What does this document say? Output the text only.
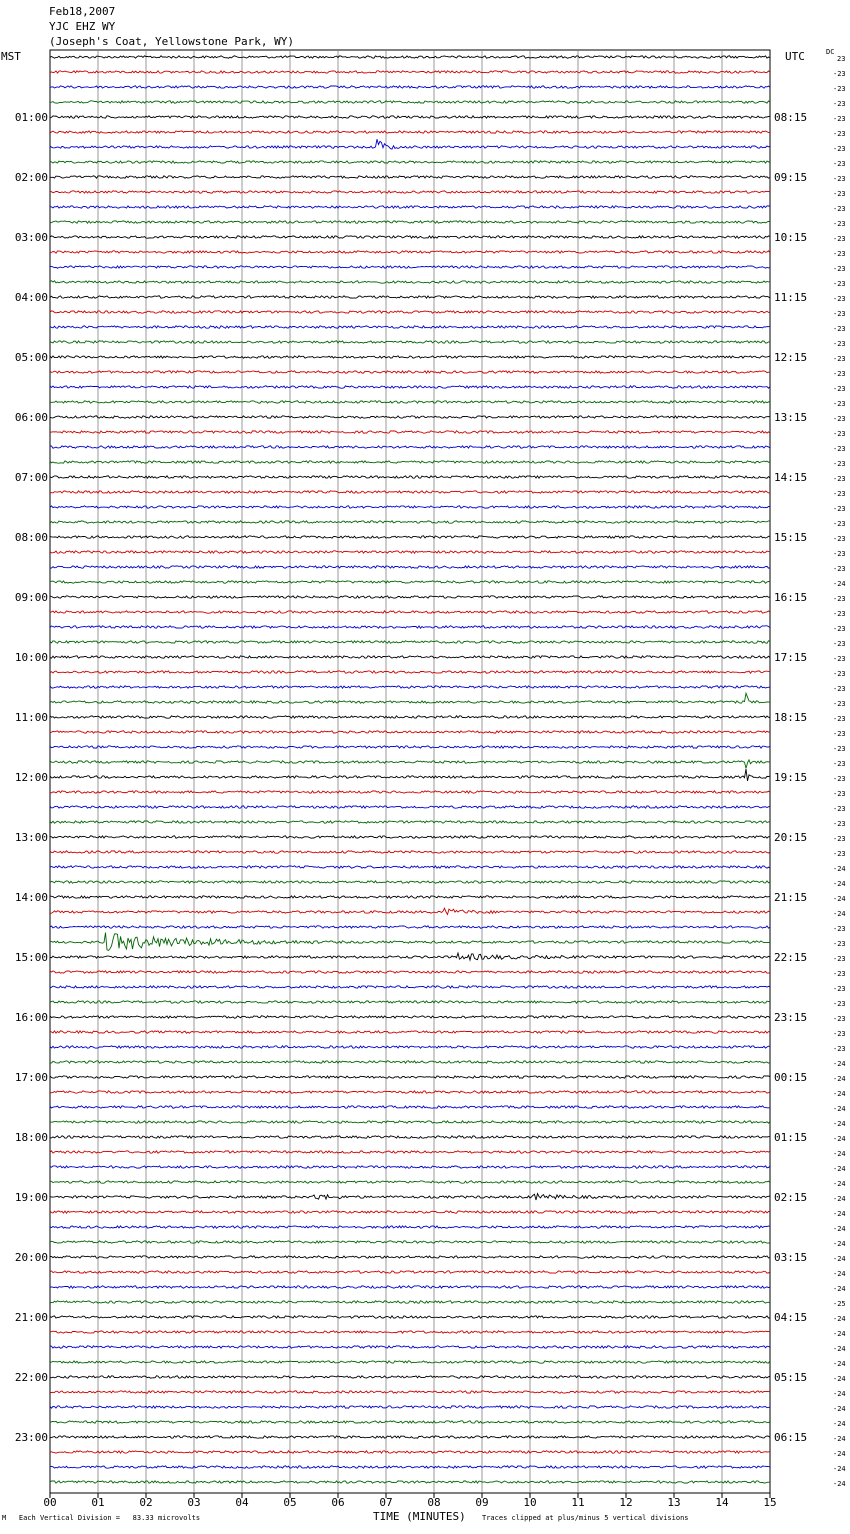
Feb18,2007
YJC EHZ WY
(Joseph's Coat, Yellowstone Park, WY)
MST	UTC	DC
00	01	02	03	04	05	06	07	08	09	10	11	12	13	14	15
23
-23
-23
-23
-23
01:00	08:15
-23
-23
-23
-23
02:00	09:15
-23
-23
-23
-23
03:00	10:15
-23
-23
-23
-23
04:00	11:15
-23
-23
-23
-23
05:00	12:15
-23
-23
-23
-23
06:00	13:15
-23
-23
-23
-23
07:00	14:15
-23
-23
-23
-23
08:00	15:15
-23
-23
-24
-23
09:00	16:15
-23
-23
-23
-23
10:00	17:15
-23
-23
-23
-23
11:00	18:15
-23
-23
-23
-23
12:00	19:15
-23
-23
-23
-23
13:00	20:15
-23
-24
-24
-24
14:00	21:15
-24
-23
-23
-23
15:00	22:15
-23
-23
-23
-23
16:00	23:15
-23
-23
-24
-24
17:00	00:15
-24
-24
-24
-24
18:00	01:15
-24
-24
-24
-24
19:00	02:15
-24
-24
-24
-24
20:00	03:15
-24
-24
-25
-24
21:00	04:15
-24
-24
-24
-24
22:00	05:15
-24
-24
-24
-24
23:00	06:15
-24
-24
-24
M Each Vertical Division =   83.33 microvolts	TIME (MINUTES) Traces clipped at plus/minus 5 vertical divisions
